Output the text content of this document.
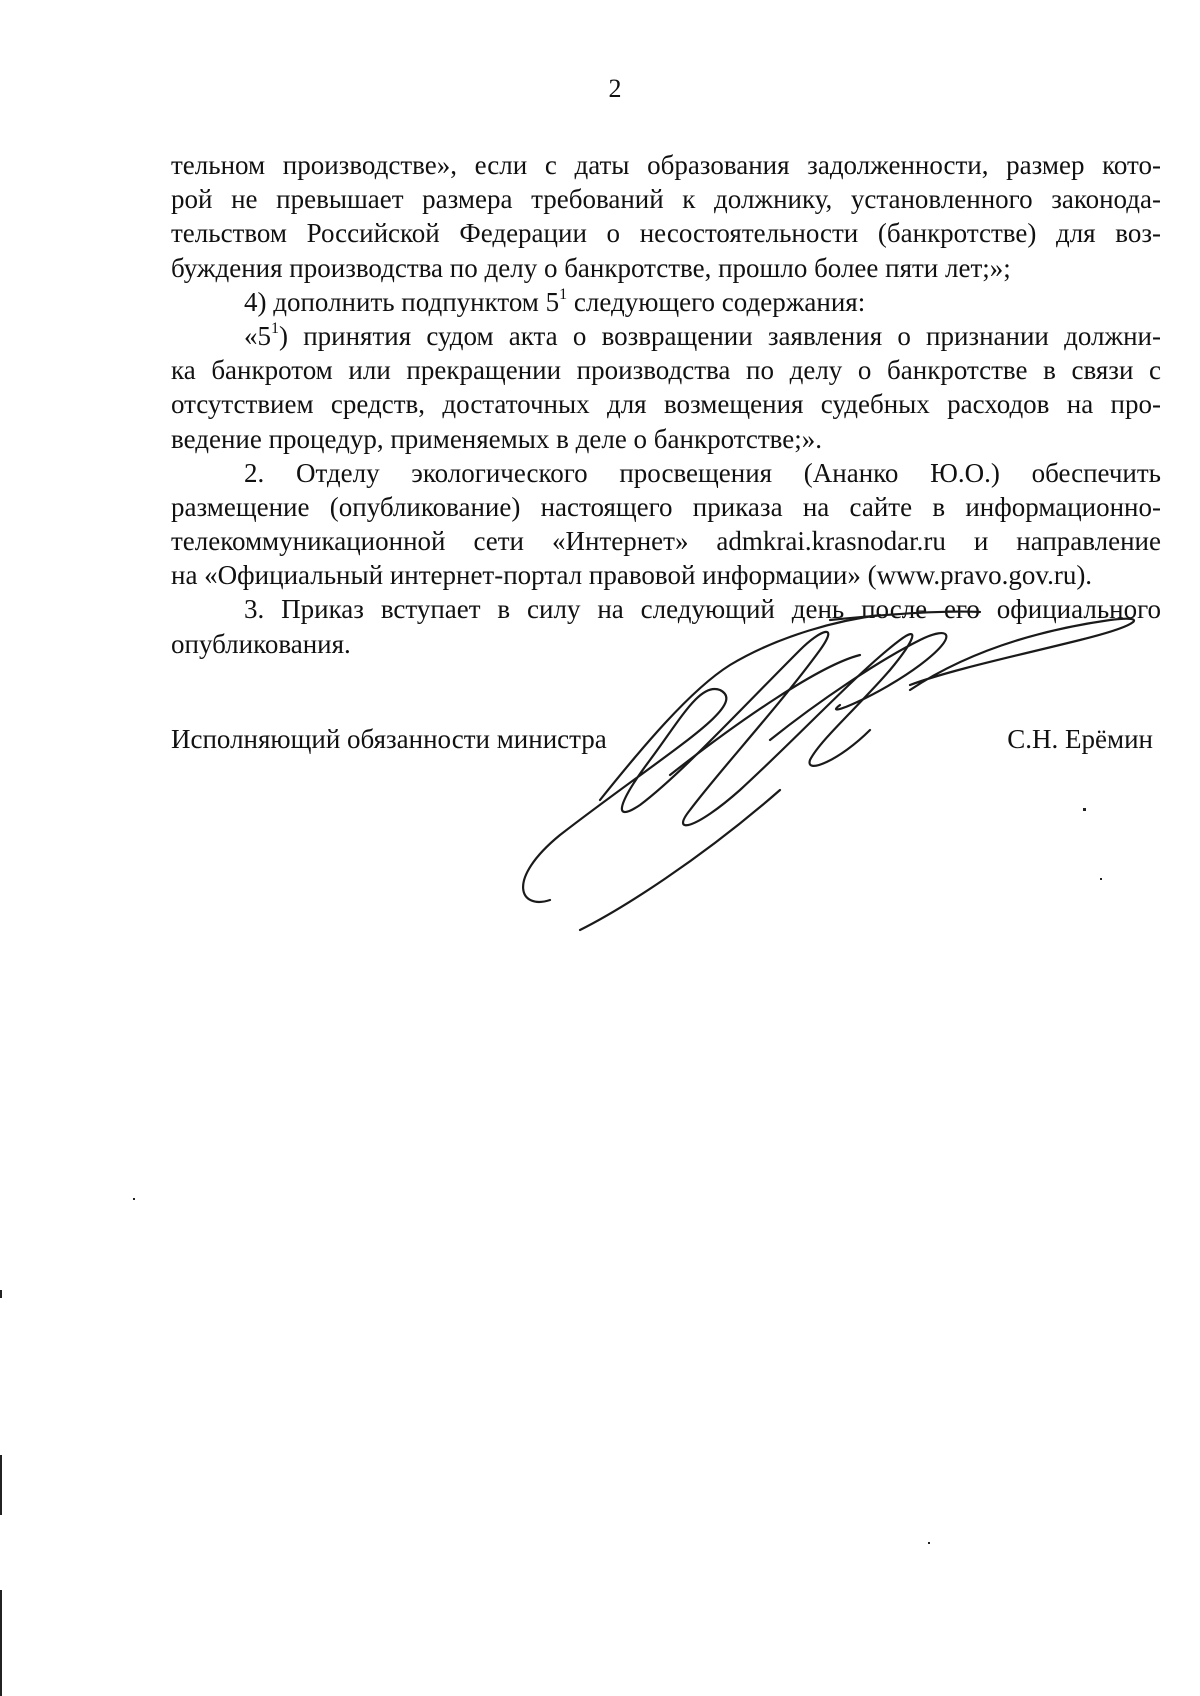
2
тельном производстве», если с даты образования задолженности, размер кото-
рой не превышает размера требований к должнику, установленного законода-
тельством Российской Федерации о несостоятельности (банкротстве) для воз-
буждения производства по делу о банкротстве, прошло более пяти лет;»;
4) дополнить подпунктом $5^1$ следующего содержания:
«$5^1$) принятия судом акта о возвращении заявления о признании должни-
ка банкротом или прекращении производства по делу о банкротстве в связи с
отсутствием средств, достаточных для возмещения судебных расходов на про-
ведение процедур, применяемых в деле о банкротстве;».
2. Отделу экологического просвещения (Ананко Ю.О.) обеспечить
размещение (опубликование) настоящего приказа на сайте в информационно-
телекоммуникационной сети «Интернет» admkrai.krasnodar.ru и направление
на «Официальный интернет-портал правовой информации» (www.pravo.gov.ru).
3. Приказ вступает в силу на следующий день после его официального
опубликования.
Исполняющий обязанности министра	С.Н. Ерёмин
